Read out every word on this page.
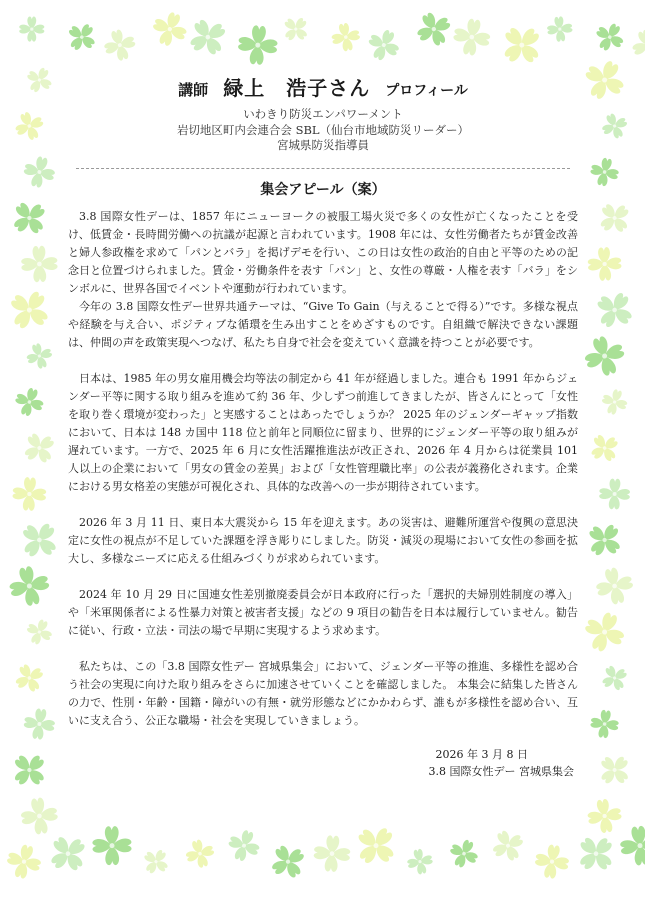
講師 緑上　浩子さん プロフィール
いわきり防災エンパワーメント
岩切地区町内会連合会 SBL（仙台市地域防災リーダー）
宮城県防災指導員
集会アピール（案）

3.8 国際女性デーは、1857 年にニューヨークの被服工場火災で多くの女性が亡くなったことを受け、低賃金・長時間労働への抗議が起源と言われています。1908 年には、女性労働者たちが賃金改善と婦人参政権を求めて「パンとバラ」を掲げデモを行い、この日は女性の政治的自由と平等のための記念日と位置づけられました。賃金・労働条件を表す「パン」と、女性の尊厳・人権を表す「バラ」をシンボルに、世界各国でイベントや運動が行われています。

今年の 3.8 国際女性デー世界共通テーマは、“Give To Gain（与えることで得る）”です。多様な視点や経験を与え合い、ポジティブな循環を生み出すことをめざすものです。自組織で解決できない課題は、仲間の声を政策実現へつなげ、私たち自身で社会を変えていく意識を持つことが必要です。

日本は、1985 年の男女雇用機会均等法の制定から 41 年が経過しました。連合も 1991 年からジェンダー平等に関する取り組みを進めて約 36 年、少しずつ前進してきましたが、皆さんにとって「女性を取り巻く環境が変わった」と実感することはあったでしょうか？ 2025 年のジェンダーギャップ指数において、日本は 148 カ国中 118 位と前年と同順位に留まり、世界的にジェンダー平等の取り組みが遅れています。一方で、2025 年 6 月に女性活躍推進法が改正され、2026 年 4 月からは従業員 101 人以上の企業において「男女の賃金の差異」および「女性管理職比率」の公表が義務化されます。企業における男女格差の実態が可視化され、具体的な改善への一歩が期待されています。

2026 年 3 月 11 日、東日本大震災から 15 年を迎えます。あの災害は、避難所運営や復興の意思決定に女性の視点が不足していた課題を浮き彫りにしました。防災・減災の現場において女性の参画を拡大し、多様なニーズに応える仕組みづくりが求められています。

2024 年 10 月 29 日に国連女性差別撤廃委員会が日本政府に行った「選択的夫婦別姓制度の導入」や「米軍関係者による性暴力対策と被害者支援」などの 9 項目の勧告を日本は履行していません。勧告に従い、行政・立法・司法の場で早期に実現するよう求めます。

私たちは、この「3.8 国際女性デー 宮城県集会」において、ジェンダー平等の推進、多様性を認め合う社会の実現に向けた取り組みをさらに加速させていくことを確認しました。 本集会に結集した皆さんの力で、性別・年齢・国籍・障がいの有無・就労形態などにかかわらず、誰もが多様性を認め合い、互いに支え合う、公正な職場・社会を実現していきましょう。

2026 年 3 月 8 日
3.8 国際女性デー 宮城県集会
